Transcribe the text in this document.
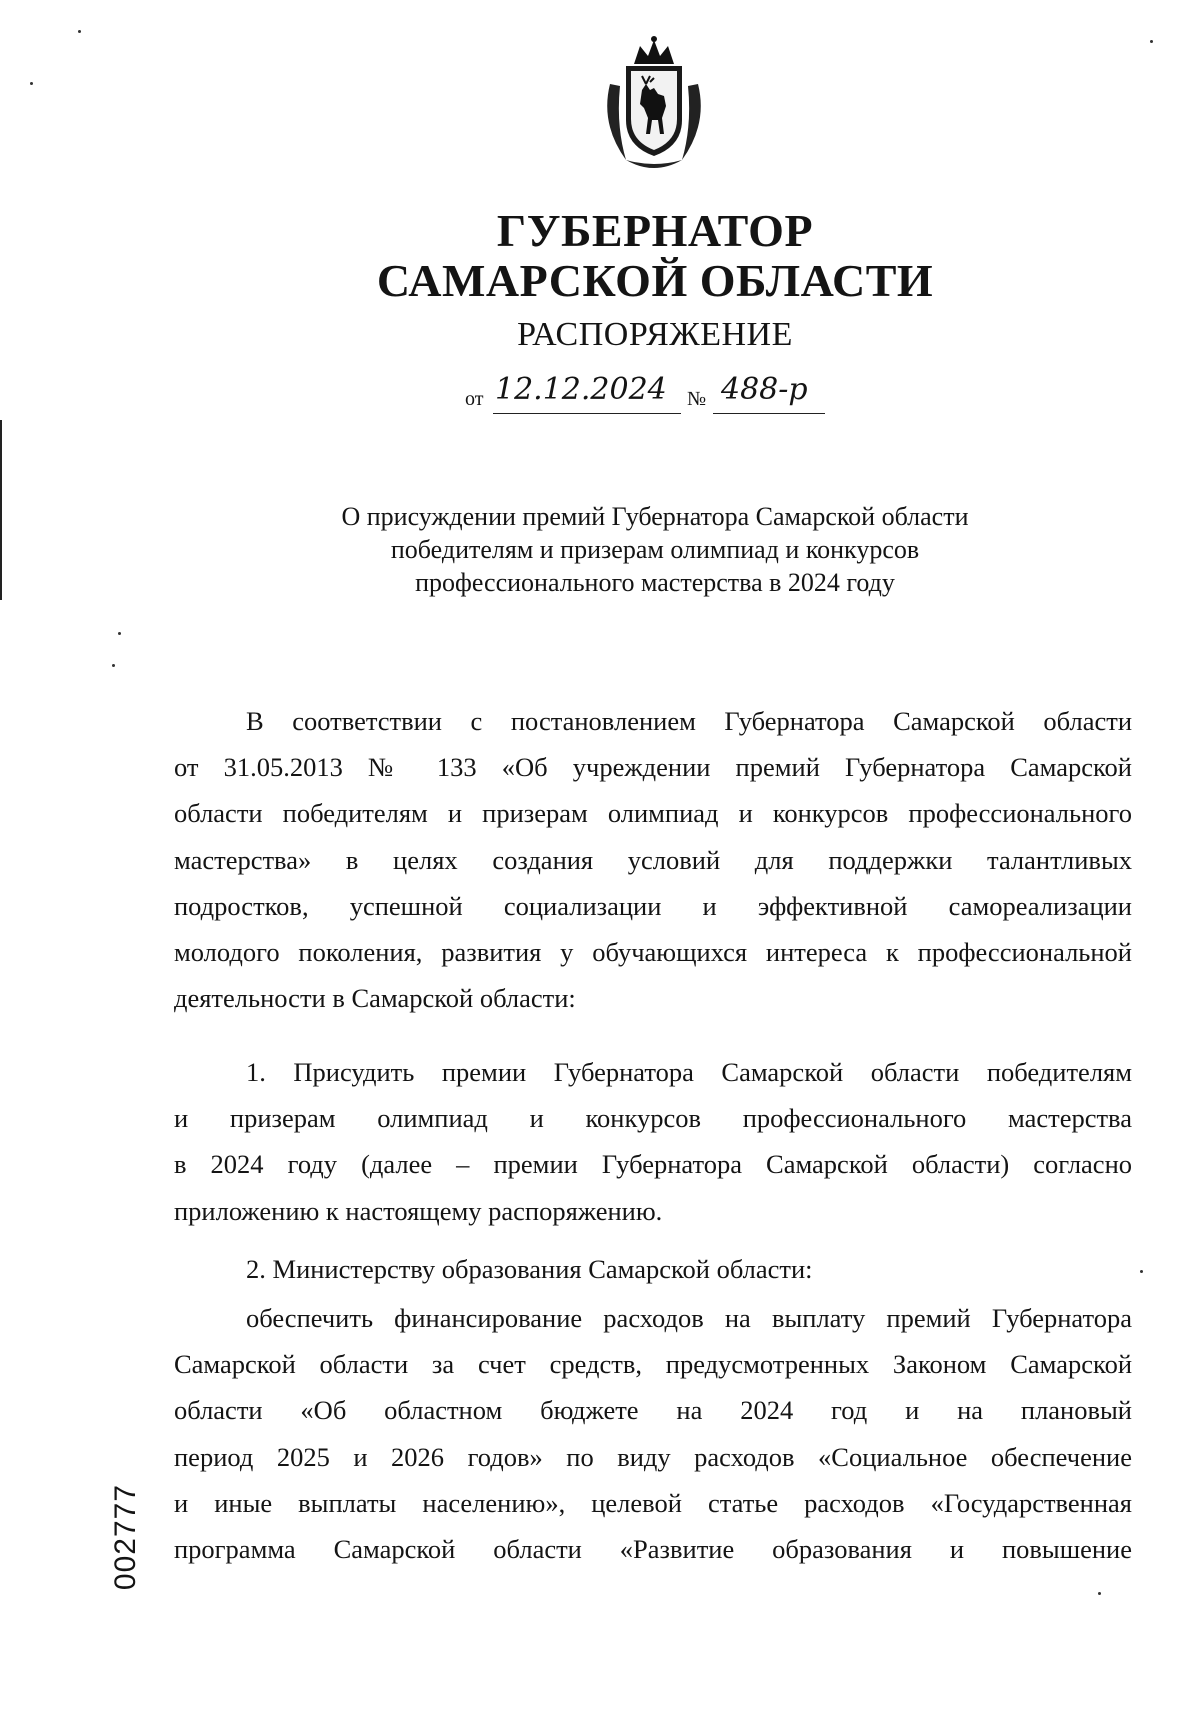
ГУБЕРНАТОР
САМАРСКОЙ ОБЛАСТИ
РАСПОРЯЖЕНИЕ
от 12.12.2024 № 488-р
О присуждении премий Губернатора Самарской области
победителям и призерам олимпиад и конкурсов
профессионального мастерства в 2024 году
В соответствии с постановлением Губернатора Самарской области
от 31.05.2013 № 133 «Об учреждении премий Губернатора Самарской
области победителям и призерам олимпиад и конкурсов профессионального
мастерства» в целях создания условий для поддержки талантливых
подростков, успешной социализации и эффективной самореализации
молодого поколения, развития у обучающихся интереса к профессиональной
деятельности в Самарской области:
1. Присудить премии Губернатора Самарской области победителям
и призерам олимпиад и конкурсов профессионального мастерства
в 2024 году (далее – премии Губернатора Самарской области) согласно
приложению к настоящему распоряжению.
2. Министерству образования Самарской области:
обеспечить финансирование расходов на выплату премий Губернатора
Самарской области за счет средств, предусмотренных Законом Самарской
области «Об областном бюджете на 2024 год и на плановый
период 2025 и 2026 годов» по виду расходов «Социальное обеспечение
и иные выплаты населению», целевой статье расходов «Государственная
программа Самарской области «Развитие образования и повышение
002777
